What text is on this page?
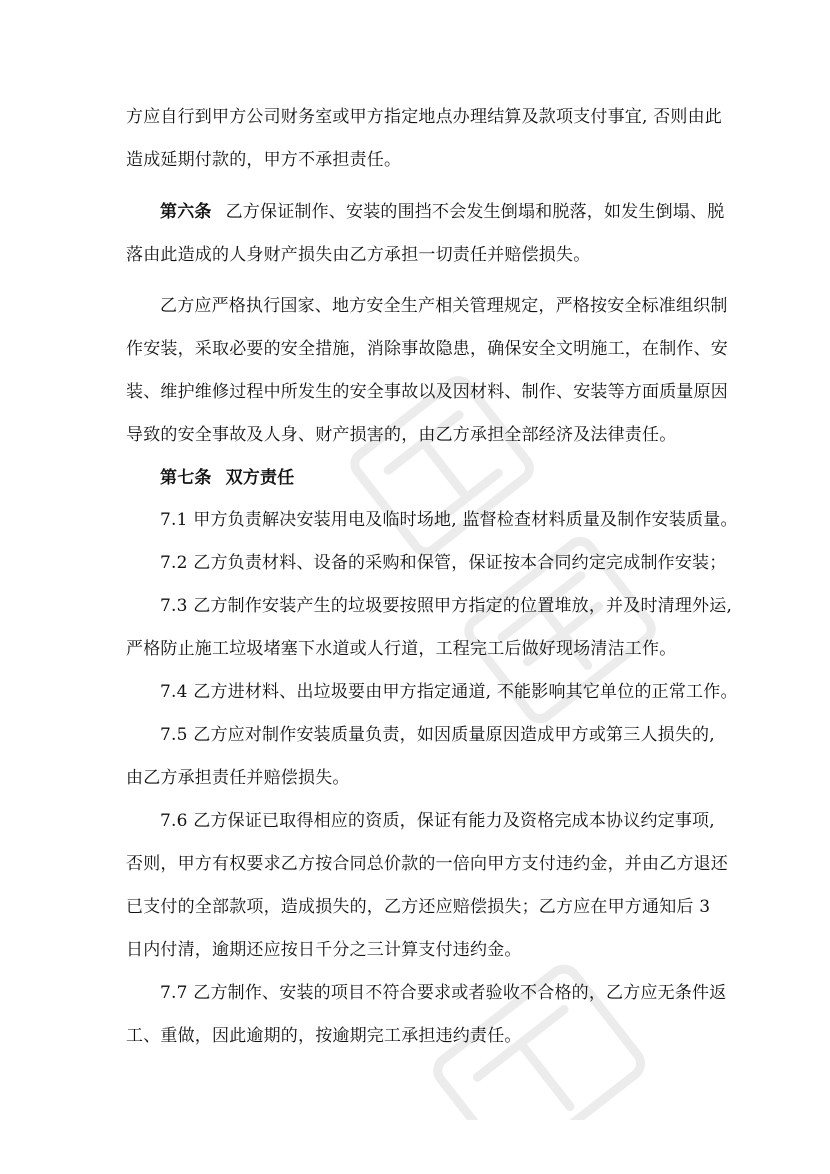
方应自行到甲方公司财务室或甲方指定地点办理结算及款项支付事宜, 否则由此
造成延期付款的，甲方不承担责任。
第六条 乙方保证制作、安装的围挡不会发生倒塌和脱落，如发生倒塌、脱
落由此造成的人身财产损失由乙方承担一切责任并赔偿损失。
乙方应严格执行国家、地方安全生产相关管理规定，严格按安全标准组织制
作安装，采取必要的安全措施，消除事故隐患，确保安全文明施工，在制作、安
装、维护维修过程中所发生的安全事故以及因材料、制作、安装等方面质量原因
导致的安全事故及人身、财产损害的，由乙方承担全部经济及法律责任。
第七条 双方责任
7.1 甲方负责解决安装用电及临时场地, 监督检查材料质量及制作安装质量。
7.2 乙方负责材料、设备的采购和保管，保证按本合同约定完成制作安装；
7.3 乙方制作安装产生的垃圾要按照甲方指定的位置堆放，并及时清理外运,
严格防止施工垃圾堵塞下水道或人行道，工程完工后做好现场清洁工作。
7.4 乙方进材料、出垃圾要由甲方指定通道, 不能影响其它单位的正常工作。
7.5 乙方应对制作安装质量负责，如因质量原因造成甲方或第三人损失的,
由乙方承担责任并赔偿损失。
7.6 乙方保证已取得相应的资质，保证有能力及资格完成本协议约定事项,
否则，甲方有权要求乙方按合同总价款的一倍向甲方支付违约金，并由乙方退还
已支付的全部款项，造成损失的，乙方还应赔偿损失；乙方应在甲方通知后 3
日内付清，逾期还应按日千分之三计算支付违约金。
7.7 乙方制作、安装的项目不符合要求或者验收不合格的，乙方应无条件返
工、重做，因此逾期的，按逾期完工承担违约责任。
